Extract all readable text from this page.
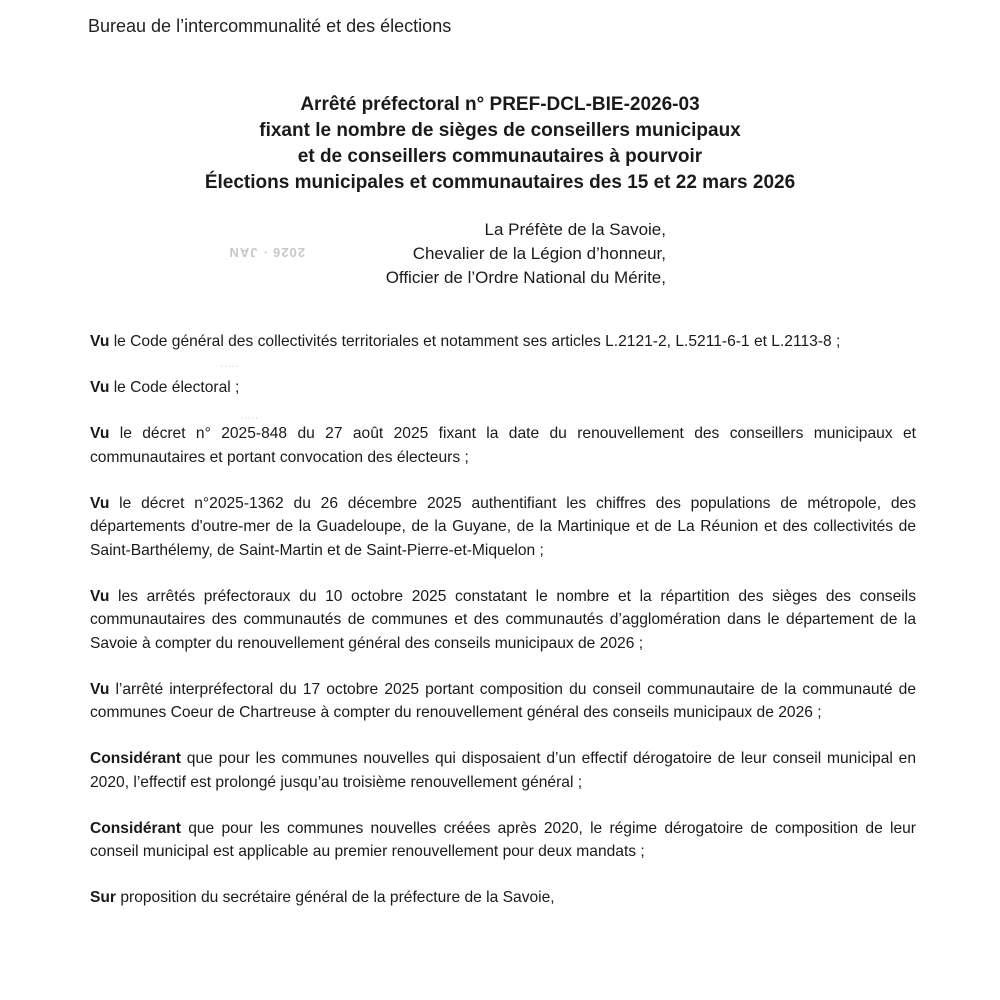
Bureau de l’intercommunalité et des élections
Arrêté préfectoral n° PREF-DCL-BIE-2026-03
fixant le nombre de sièges de conseillers municipaux
et de conseillers communautaires à pourvoir
Élections municipales et communautaires des 15 et 22 mars 2026
2026 · JAN
·····
·····
La Préfète de la Savoie,
Chevalier de la Légion d’honneur,
Officier de l’Ordre National du Mérite,

Vu le Code général des collectivités territoriales et notamment ses articles L.2121-2, L.5211-6-1 et L.2113-8 ;

Vu le Code électoral ;

Vu le décret n° 2025-848 du 27 août 2025 fixant la date du renouvellement des conseillers municipaux et communautaires et portant convocation des électeurs ;

Vu le décret n°2025-1362 du 26 décembre 2025 authentifiant les chiffres des populations de métropole, des départements d'outre-mer de la Guadeloupe, de la Guyane, de la Martinique et de La Réunion et des collectivités de Saint-Barthélemy, de Saint-Martin et de Saint-Pierre-et-Miquelon ;

Vu les arrêtés préfectoraux du 10 octobre 2025 constatant le nombre et la répartition des sièges des conseils communautaires des communautés de communes et des communautés d’agglomération dans le département de la Savoie à compter du renouvellement général des conseils municipaux de 2026 ;

Vu l’arrêté interpréfectoral du 17 octobre 2025 portant composition du conseil communautaire de la communauté de communes Coeur de Chartreuse à compter du renouvellement général des conseils municipaux de 2026 ;

Considérant que pour les communes nouvelles qui disposaient d’un effectif dérogatoire de leur conseil municipal en 2020, l’effectif est prolongé jusqu’au troisième renouvellement général ;

Considérant que pour les communes nouvelles créées après 2020, le régime dérogatoire de composition de leur conseil municipal est applicable au premier renouvellement pour deux mandats ;

Sur proposition du secrétaire général de la préfecture de la Savoie,
